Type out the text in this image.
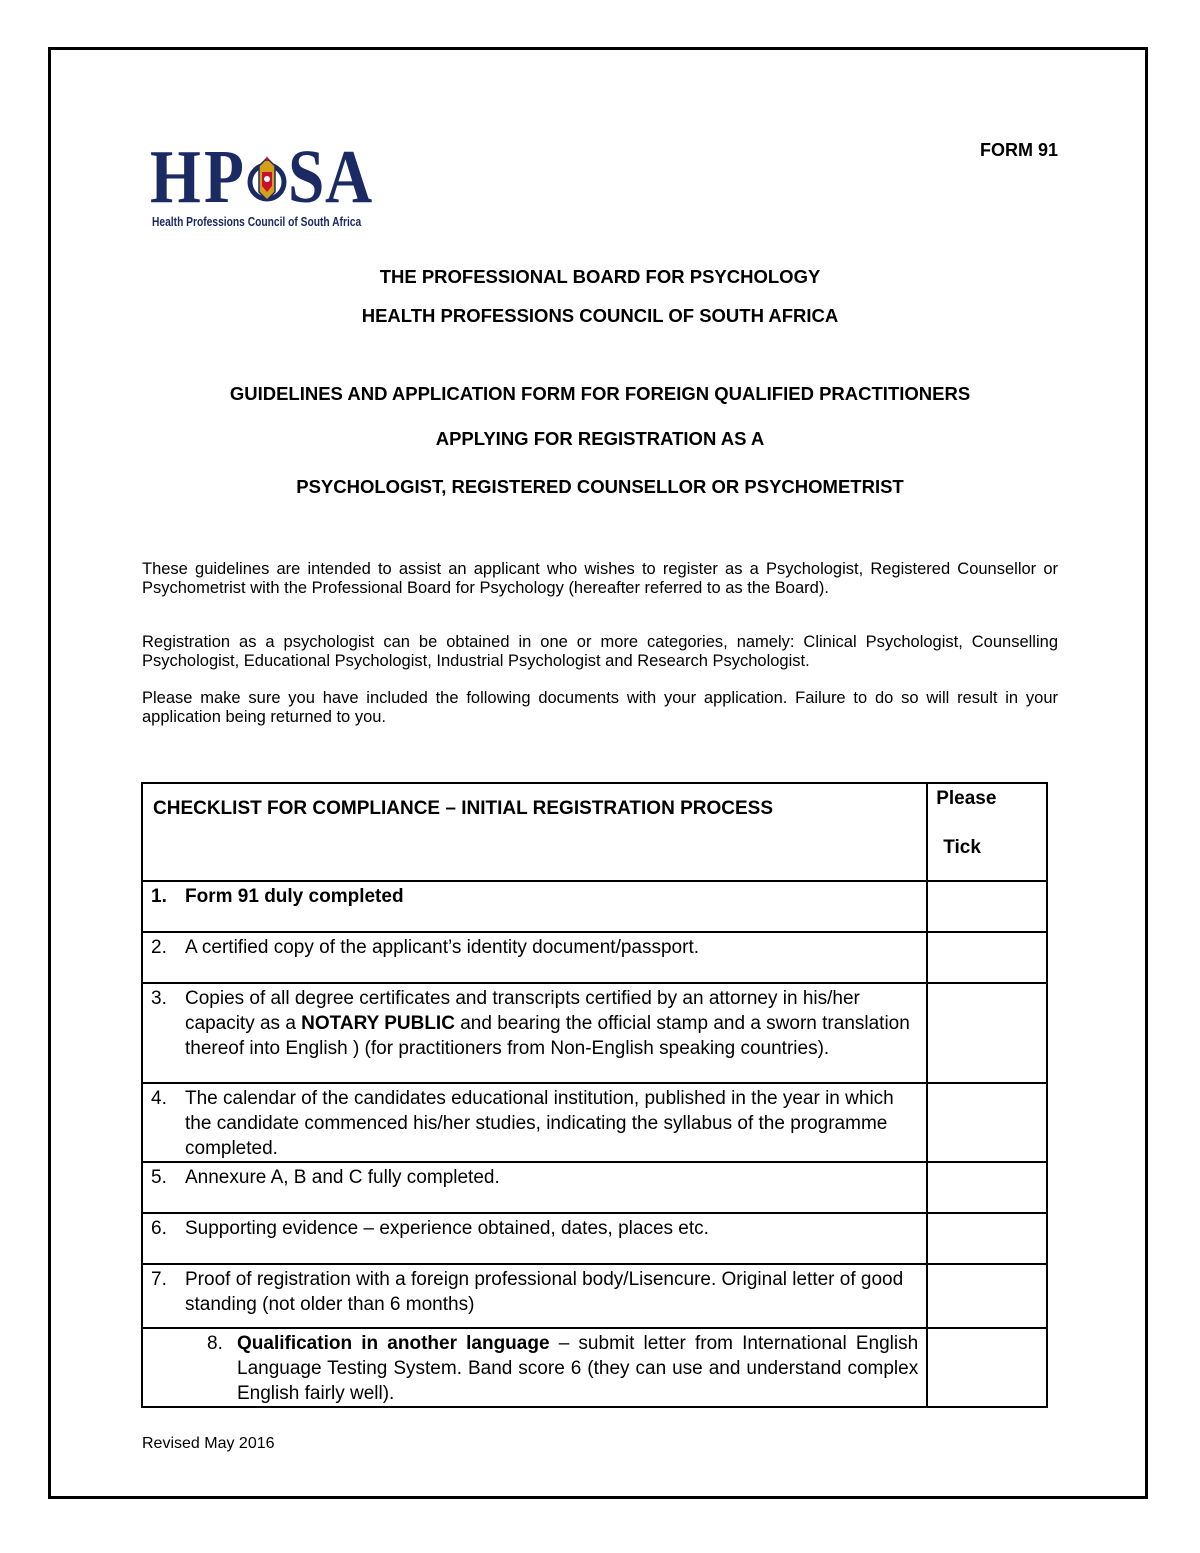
H P S A
Health Professions Council of South Africa
FORM 91
THE PROFESSIONAL BOARD FOR PSYCHOLOGY
HEALTH PROFESSIONS COUNCIL OF SOUTH AFRICA
GUIDELINES AND APPLICATION FORM FOR FOREIGN QUALIFIED PRACTITIONERS
APPLYING FOR REGISTRATION AS A
PSYCHOLOGIST, REGISTERED COUNSELLOR OR PSYCHOMETRIST
These guidelines are intended to assist an applicant who wishes to register as a Psychologist, Registered Counsellor or Psychometrist with the Professional Board for Psychology (hereafter referred to as the Board).
Registration as a psychologist can be obtained in one or more categories, namely: Clinical Psychologist, Counselling Psychologist, Educational Psychologist, Industrial Psychologist and Research Psychologist.
Please make sure you have included the following documents with your application. Failure to do so will result in your application being returned to you.
CHECKLIST FOR COMPLIANCE – INITIAL REGISTRATION PROCESS	Please
Tick

1. Form 91 duly completed	

2. A certified copy of the applicant’s identity document/passport.	

3. Copies of all degree certificates and transcripts certified by an attorney in his/her capacity as a NOTARY PUBLIC and bearing the official stamp and a sworn translation thereof into English ) (for practitioners from Non-English speaking countries).	

4. The calendar of the candidates educational institution, published in the year in which the candidate commenced his/her studies, indicating the syllabus of the programme completed.	

5. Annexure A, B and C fully completed.	

6. Supporting evidence – experience obtained, dates, places etc.	

7. Proof of registration with a foreign professional body/Lisencure. Original letter of good standing (not older than 6 months)	

8. Qualification in another language – submit letter from International English Language Testing System. Band score 6 (they can use and understand complex English fairly well).	

Revised May 2016
